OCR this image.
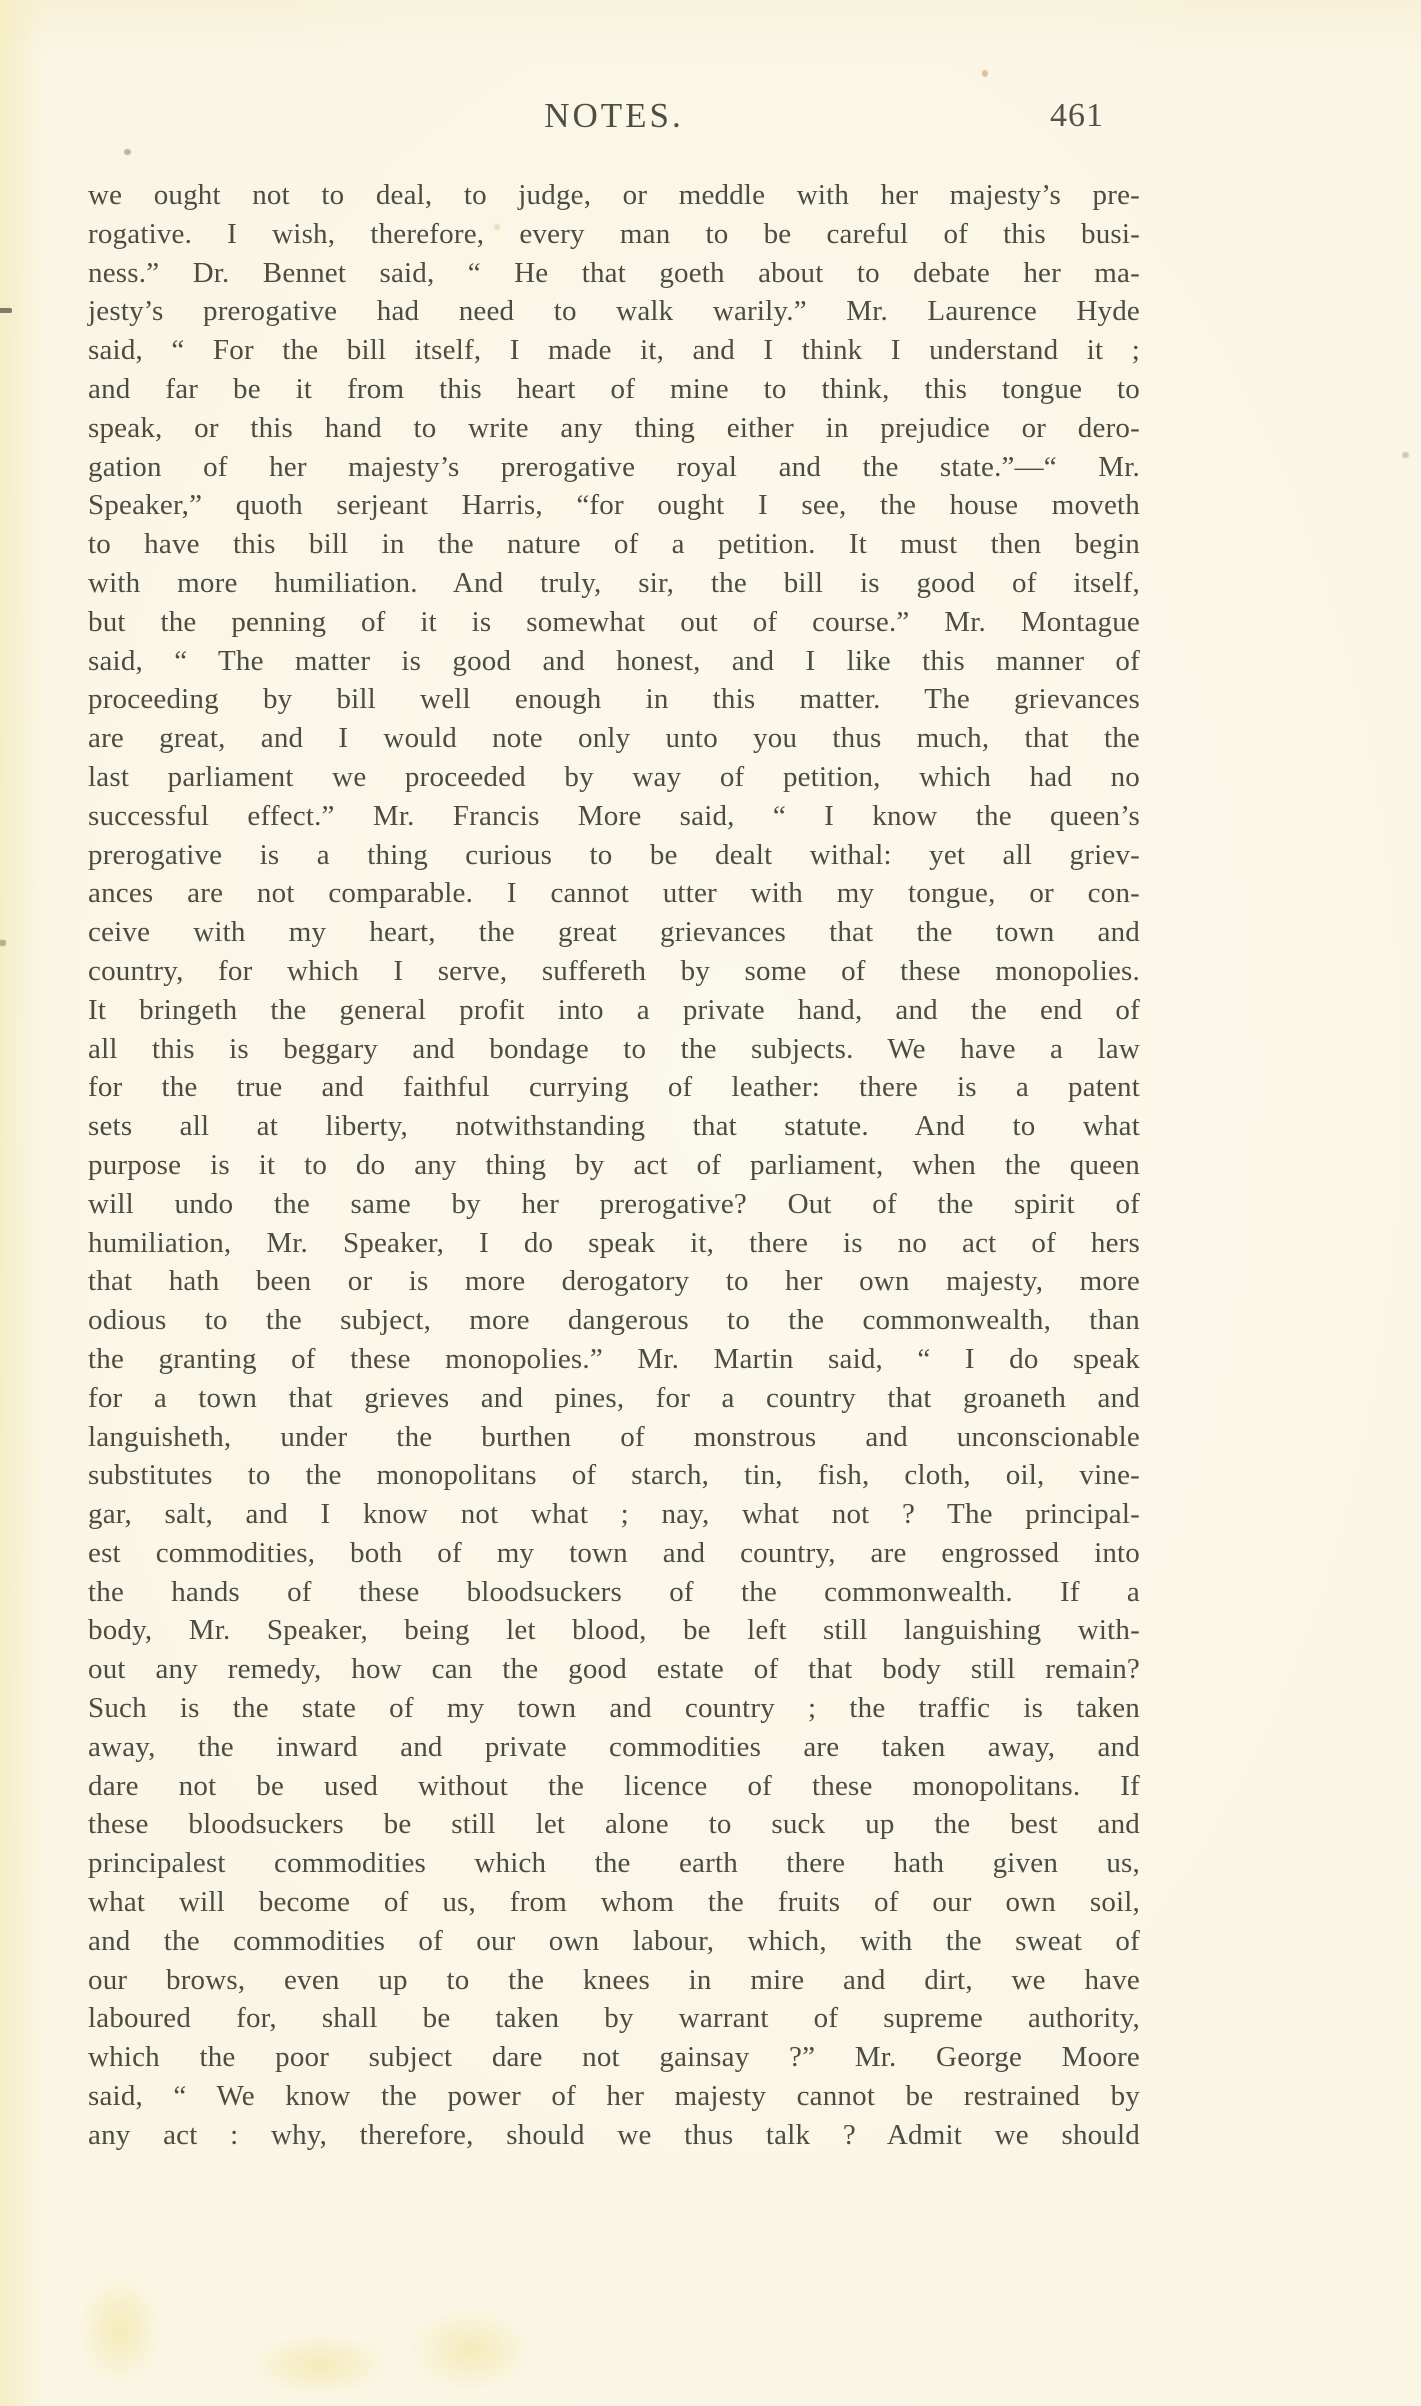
NOTES.	461
we ought not to deal, to judge, or meddle with her majesty’s pre-
rogative. I wish, therefore, every man to be careful of this busi-
ness.” Dr. Bennet said, “ He that goeth about to debate her ma-
jesty’s prerogative had need to walk warily.” Mr. Laurence Hyde
said, “ For the bill itself, I made it, and I think I understand it ;
and far be it from this heart of mine to think, this tongue to
speak, or this hand to write any thing either in prejudice or dero-
gation of her majesty’s prerogative royal and the state.”—“ Mr.
Speaker,” quoth serjeant Harris, “for ought I see, the house moveth
to have this bill in the nature of a petition. It must then begin
with more humiliation. And truly, sir, the bill is good of itself,
but the penning of it is somewhat out of course.” Mr. Montague
said, “ The matter is good and honest, and I like this manner of
proceeding by bill well enough in this matter. The grievances
are great, and I would note only unto you thus much, that the
last parliament we proceeded by way of petition, which had no
successful effect.” Mr. Francis More said, “ I know the queen’s
prerogative is a thing curious to be dealt withal: yet all griev-
ances are not comparable. I cannot utter with my tongue, or con-
ceive with my heart, the great grievances that the town and
country, for which I serve, suffereth by some of these monopolies.
It bringeth the general profit into a private hand, and the end of
all this is beggary and bondage to the subjects. We have a law
for the true and faithful currying of leather: there is a patent
sets all at liberty, notwithstanding that statute. And to what
purpose is it to do any thing by act of parliament, when the queen
will undo the same by her prerogative? Out of the spirit of
humiliation, Mr. Speaker, I do speak it, there is no act of hers
that hath been or is more derogatory to her own majesty, more
odious to the subject, more dangerous to the commonwealth, than
the granting of these monopolies.” Mr. Martin said, “ I do speak
for a town that grieves and pines, for a country that groaneth and
languisheth, under the burthen of monstrous and unconscionable
substitutes to the monopolitans of starch, tin, fish, cloth, oil, vine-
gar, salt, and I know not what ; nay, what not ? The principal-
est commodities, both of my town and country, are engrossed into
the hands of these bloodsuckers of the commonwealth. If a
body, Mr. Speaker, being let blood, be left still languishing with-
out any remedy, how can the good estate of that body still remain?
Such is the state of my town and country ; the traffic is taken
away, the inward and private commodities are taken away, and
dare not be used without the licence of these monopolitans. If
these bloodsuckers be still let alone to suck up the best and
principalest commodities which the earth there hath given us,
what will become of us, from whom the fruits of our own soil,
and the commodities of our own labour, which, with the sweat of
our brows, even up to the knees in mire and dirt, we have
laboured for, shall be taken by warrant of supreme authority,
which the poor subject dare not gainsay ?” Mr. George Moore
said, “ We know the power of her majesty cannot be restrained by
any act : why, therefore, should we thus talk ? Admit we should
